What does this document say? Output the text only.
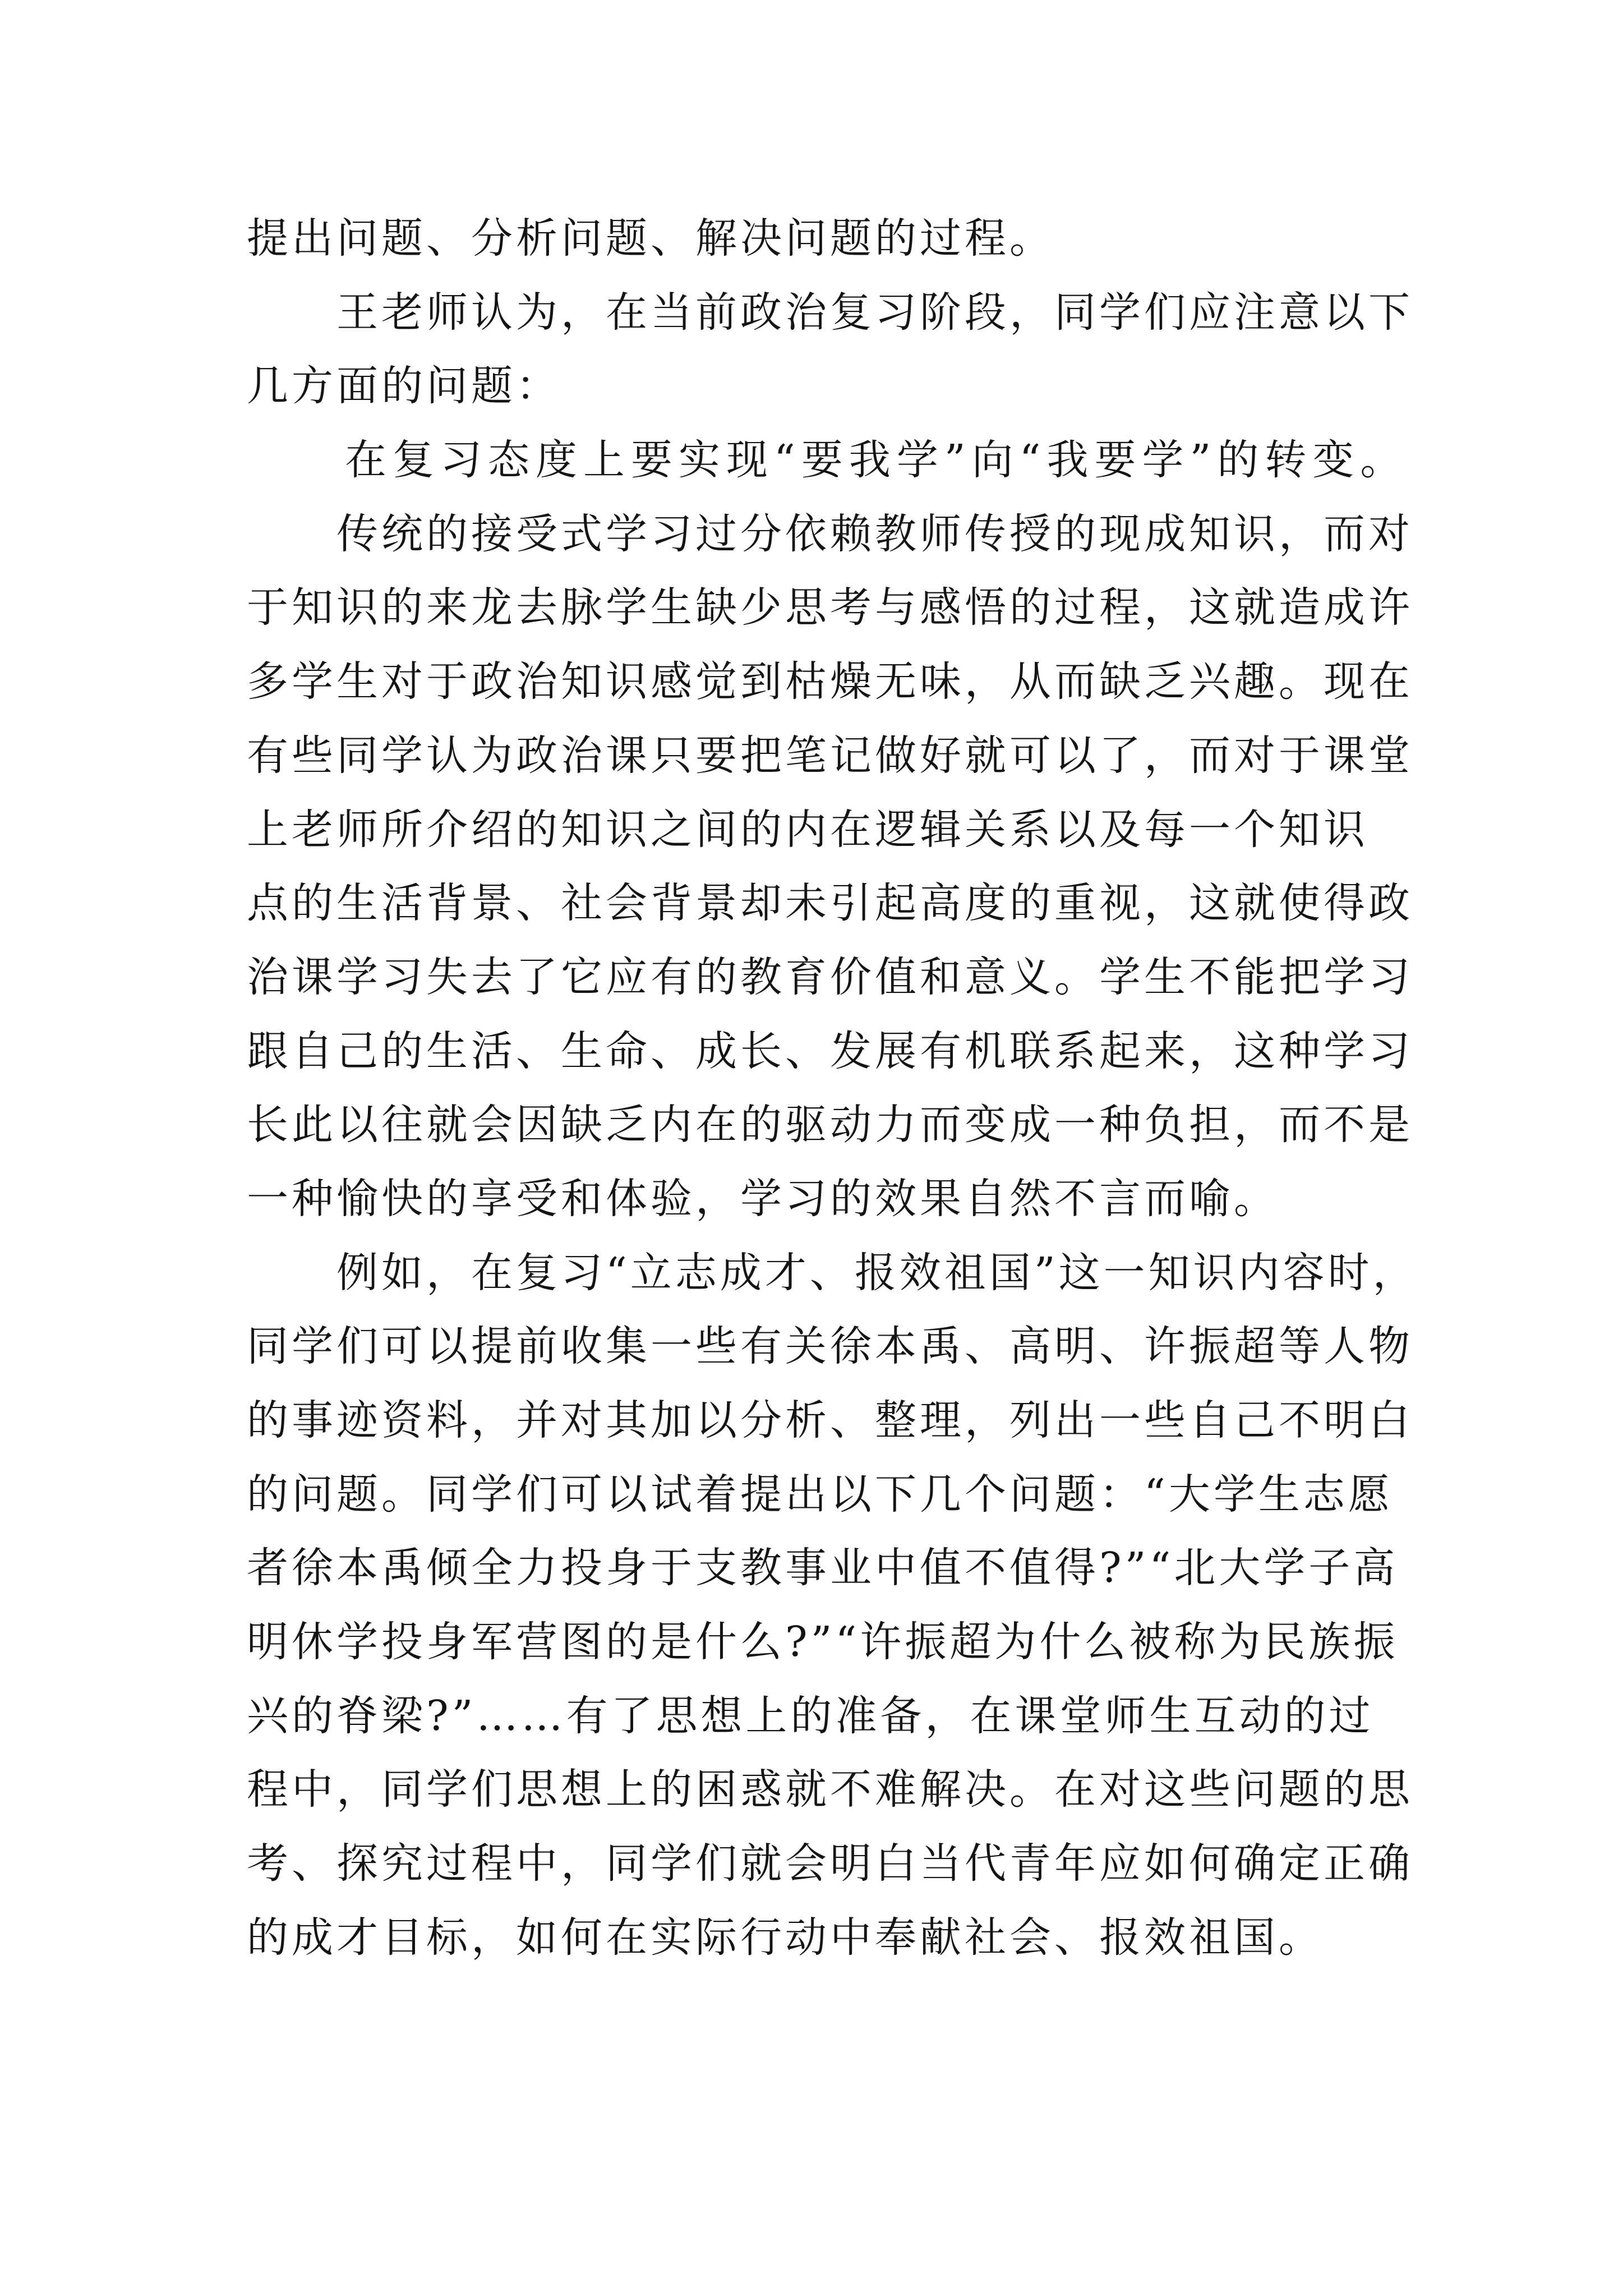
提出问题、分析问题、解决问题的过程。
王老师认为，在当前政治复习阶段，同学们应注意以下
几方面的问题：
在复习态度上要实现“要我学”向“我要学”的转变。
传统的接受式学习过分依赖教师传授的现成知识，而对
于知识的来龙去脉学生缺少思考与感悟的过程，这就造成许
多学生对于政治知识感觉到枯燥无味，从而缺乏兴趣。现在
有些同学认为政治课只要把笔记做好就可以了，而对于课堂
上老师所介绍的知识之间的内在逻辑关系以及每一个知识
点的生活背景、社会背景却未引起高度的重视，这就使得政
治课学习失去了它应有的教育价值和意义。学生不能把学习
跟自己的生活、生命、成长、发展有机联系起来，这种学习
长此以往就会因缺乏内在的驱动力而变成一种负担，而不是
一种愉快的享受和体验，学习的效果自然不言而喻。
例如，在复习“立志成才、报效祖国”这一知识内容时，
同学们可以提前收集一些有关徐本禹、高明、许振超等人物
的事迹资料，并对其加以分析、整理，列出一些自己不明白
的问题。同学们可以试着提出以下几个问题：“大学生志愿
者徐本禹倾全力投身于支教事业中值不值得?”“北大学子高
明休学投身军营图的是什么?”“许振超为什么被称为民族振
兴的脊梁?”……有了思想上的准备，在课堂师生互动的过
程中，同学们思想上的困惑就不难解决。在对这些问题的思
考、探究过程中，同学们就会明白当代青年应如何确定正确
的成才目标，如何在实际行动中奉献社会、报效祖国。
